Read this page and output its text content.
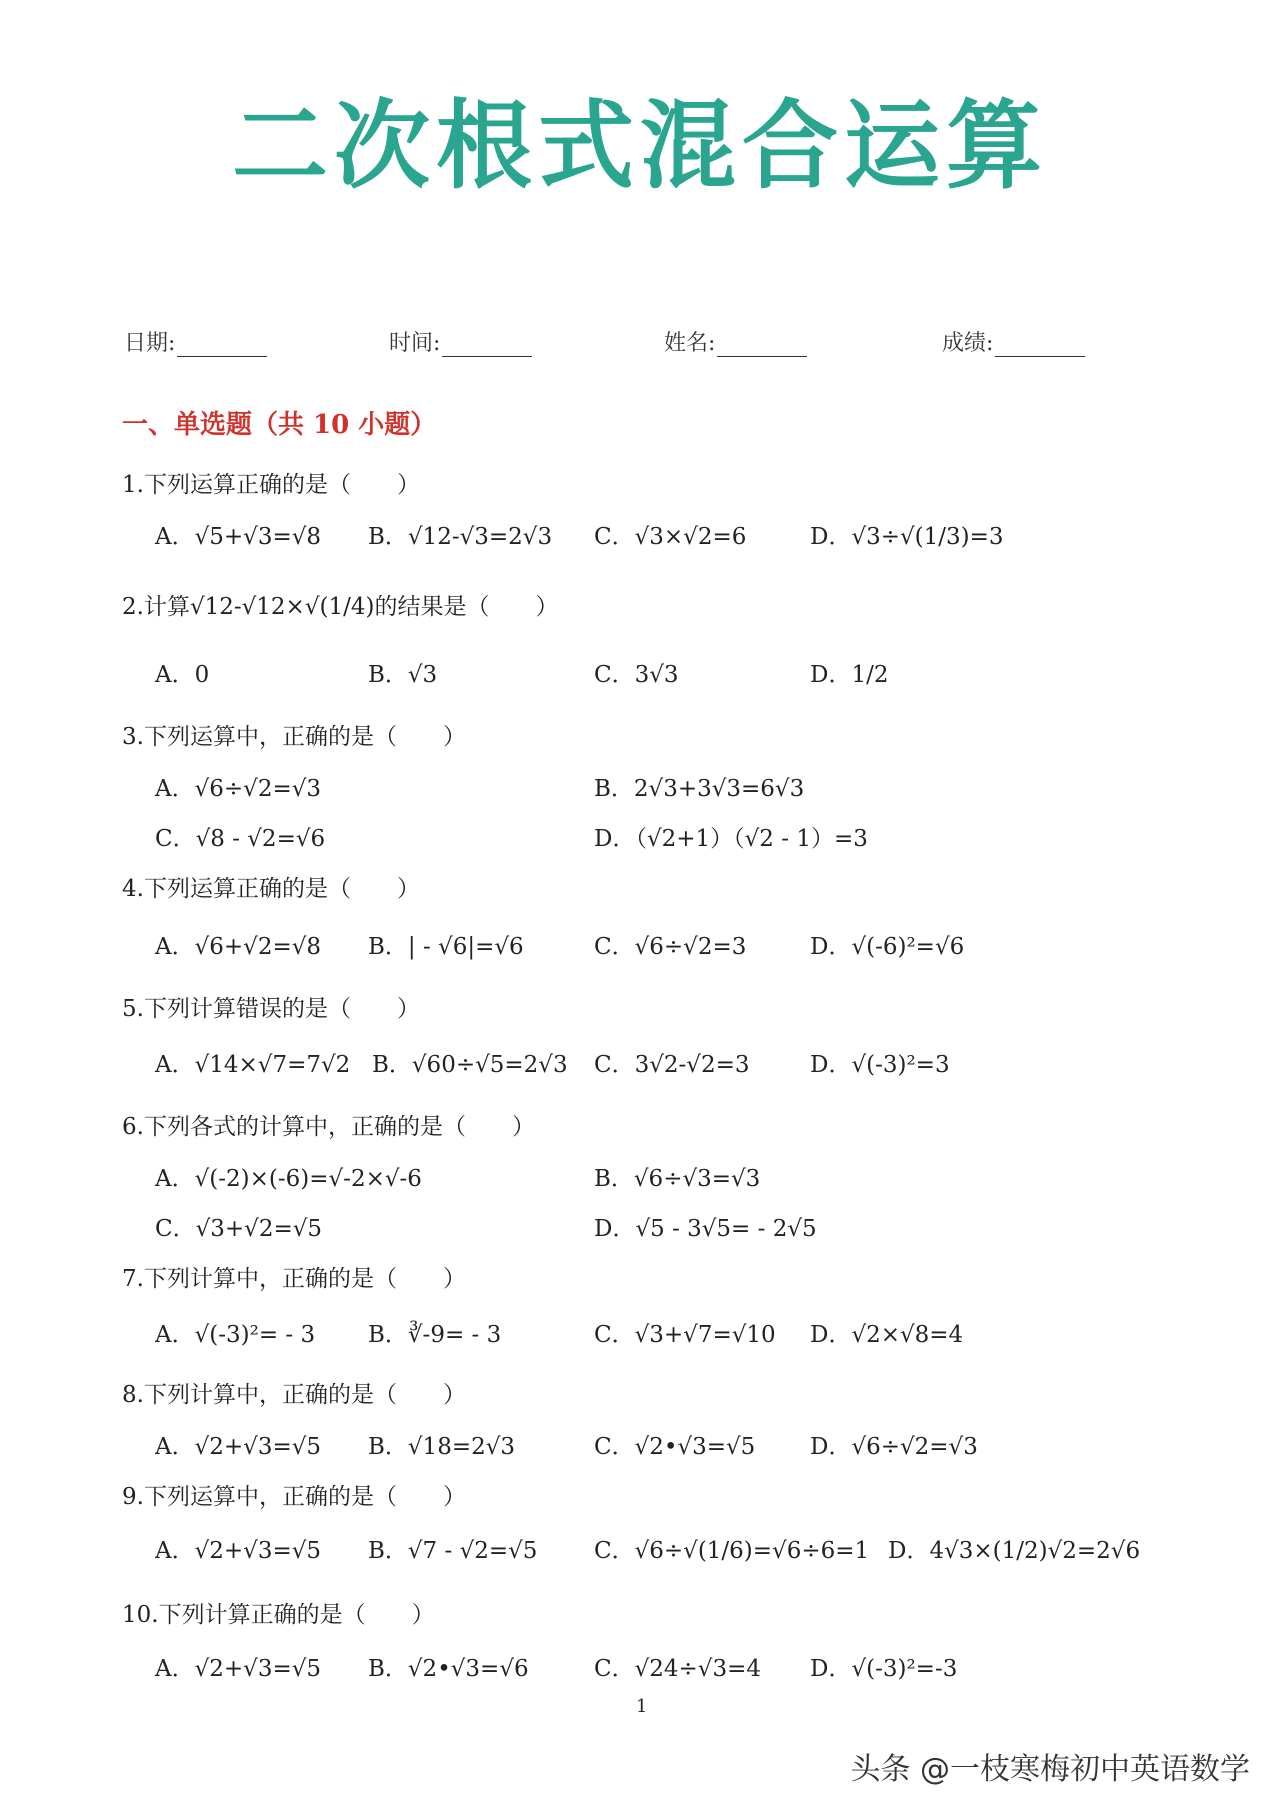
二次根式混合运算
日期:	时间:	姓名:	成绩:
一、单选题（共 10 小题）
1.下列运算正确的是（　　）
A．√5+√3=√8 B．√12-√3=2√3 C．√3×√2=6	D．√3÷√(1/3)=3
2.计算√12-√12×√(1/4)的结果是（　　）
A．0	B．√3	C．3√3	D．1/2
3.下列运算中，正确的是（　　）
A．√6÷√2=√3	B．2√3+3√3=6√3
C．√8 - √2=√6	D．（√2+1）（√2 - 1）=3
4.下列运算正确的是（　　）
A．√6+√2=√8 B．| - √6|=√6	C．√6÷√2=3	D．√(-6)²=√6
5.下列计算错误的是（　　）
A．√14×√7=7√2 B．√60÷√5=2√3 C．3√2-√2=3	D．√(-3)²=3
6.下列各式的计算中，正确的是（　　）
A．√(-2)×(-6)=√-2×√-6	B．√6÷√3=√3
C．√3+√2=√5	D．√5 - 3√5= - 2√5
7.下列计算中，正确的是（　　）
A．√(-3)²= - 3 B．∛-9= - 3	C．√3+√7=√10 D．√2×√8=4
8.下列计算中，正确的是（　　）
A．√2+√3=√5 B．√18=2√3	C．√2•√3=√5 D．√6÷√2=√3
9.下列运算中，正确的是（　　）
A．√2+√3=√5 B．√7 - √2=√5 C．√6÷√(1/6)=√6÷6=1 D．4√3×(1/2)√2=2√6
10.下列计算正确的是（　　）
A．√2+√3=√5 B．√2•√3=√6	C．√24÷√3=4 D．√(-3)²=-3
1
头条 @一枝寒梅初中英语数学
